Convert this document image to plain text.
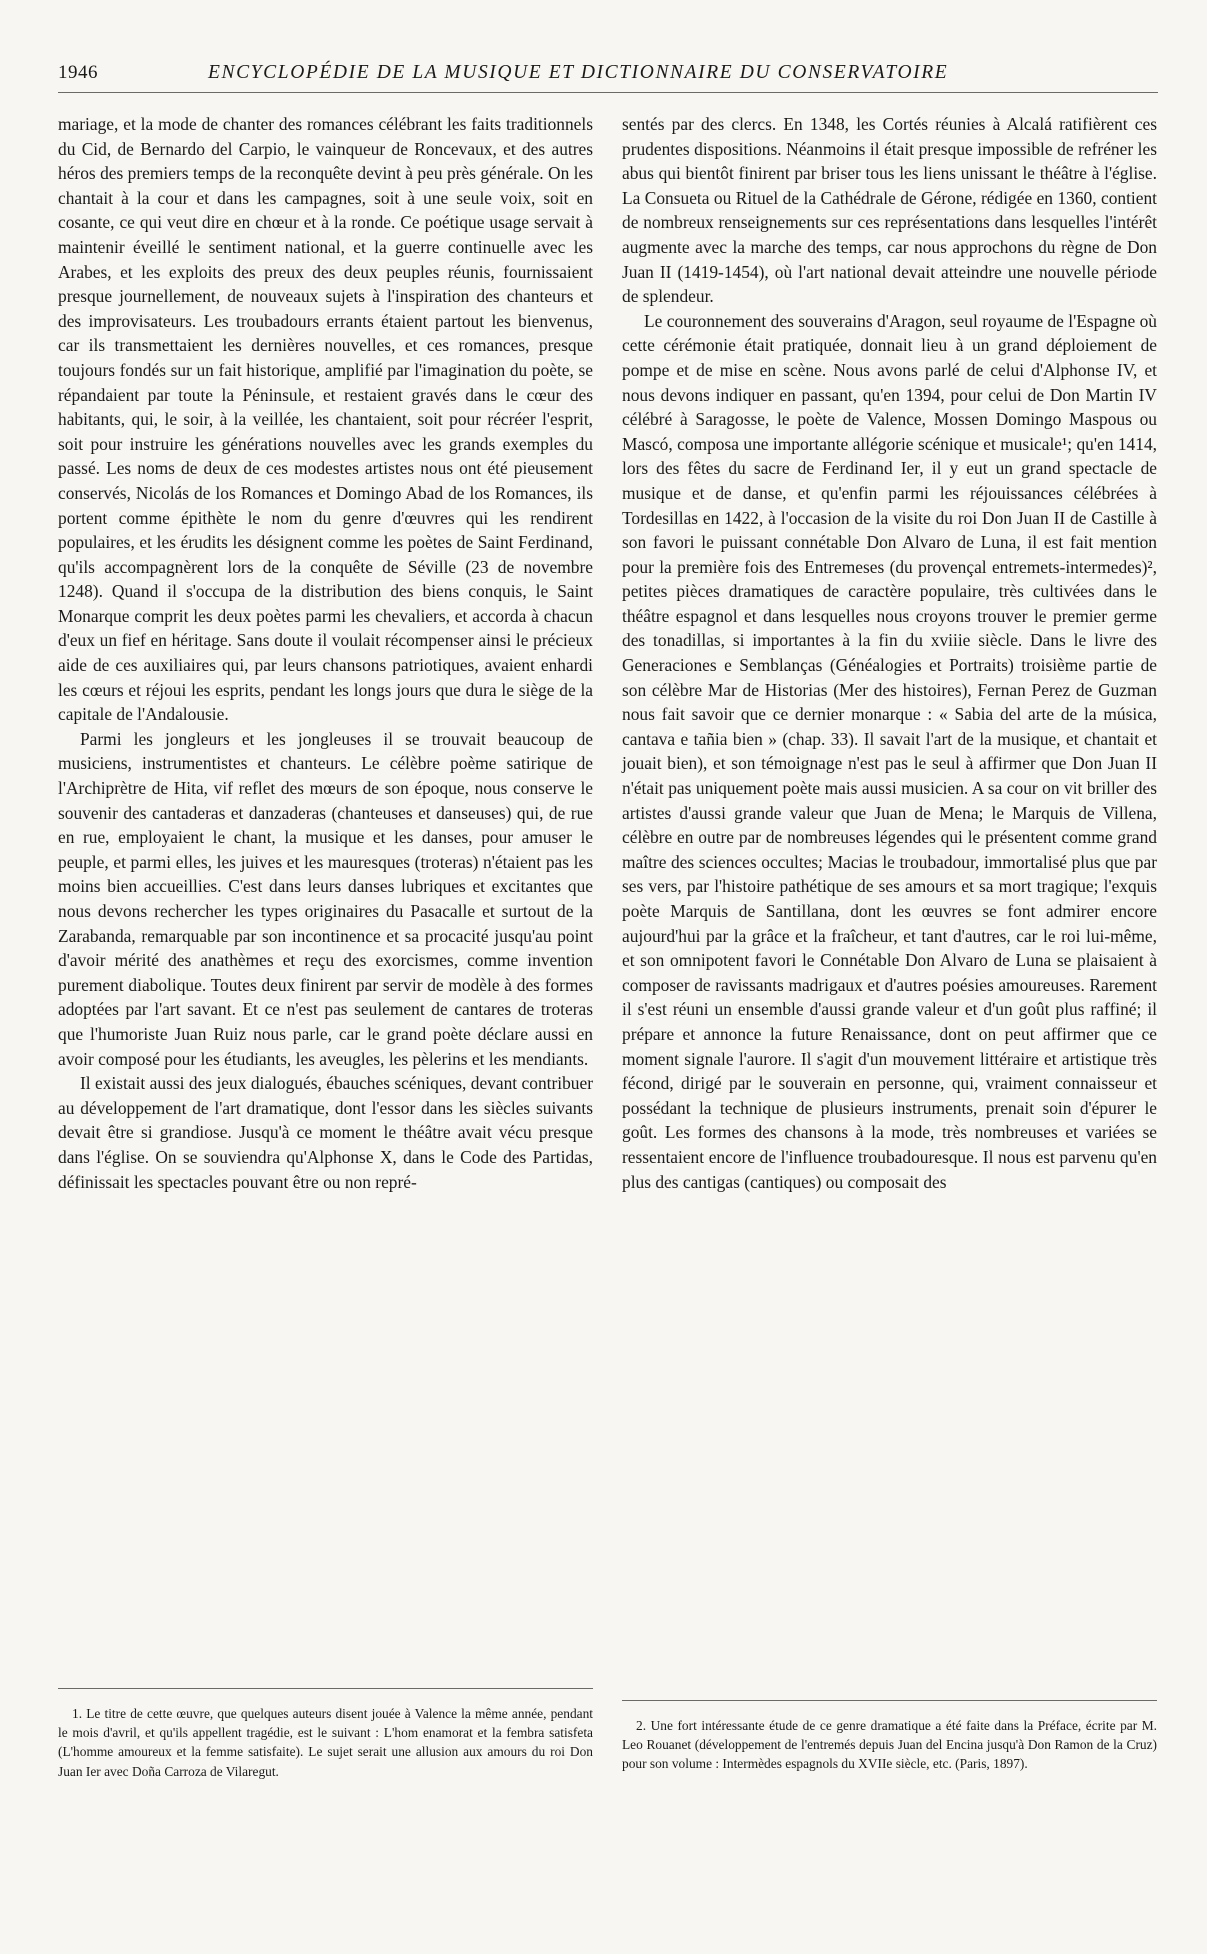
1946	ENCYCLOPÉDIE DE LA MUSIQUE ET DICTIONNAIRE DU CONSERVATOIRE

mariage, et la mode de chanter des romances célébrant les faits traditionnels du Cid, de Bernardo del Carpio, le vainqueur de Roncevaux, et des autres héros des premiers temps de la reconquête devint à peu près générale. On les chantait à la cour et dans les campagnes, soit à une seule voix, soit en cosante, ce qui veut dire en chœur et à la ronde. Ce poétique usage servait à maintenir éveillé le sentiment national, et la guerre continuelle avec les Arabes, et les exploits des preux des deux peuples réunis, fournissaient presque journellement, de nouveaux sujets à l'inspiration des chanteurs et des improvisateurs. Les troubadours errants étaient partout les bienvenus, car ils transmettaient les dernières nouvelles, et ces romances, presque toujours fondés sur un fait historique, amplifié par l'imagination du poète, se répandaient par toute la Péninsule, et restaient gravés dans le cœur des habitants, qui, le soir, à la veillée, les chantaient, soit pour récréer l'esprit, soit pour instruire les générations nouvelles avec les grands exemples du passé. Les noms de deux de ces modestes artistes nous ont été pieusement conservés, Nicolás de los Romances et Domingo Abad de los Romances, ils portent comme épithète le nom du genre d'œuvres qui les rendirent populaires, et les érudits les désignent comme les poètes de Saint Ferdinand, qu'ils accompagnèrent lors de la conquête de Séville (23 de novembre 1248). Quand il s'occupa de la distribution des biens conquis, le Saint Monarque comprit les deux poètes parmi les chevaliers, et accorda à chacun d'eux un fief en héritage. Sans doute il voulait récompenser ainsi le précieux aide de ces auxiliaires qui, par leurs chansons patriotiques, avaient enhardi les cœurs et réjoui les esprits, pendant les longs jours que dura le siège de la capitale de l'Andalousie.

Parmi les jongleurs et les jongleuses il se trouvait beaucoup de musiciens, instrumentistes et chanteurs. Le célèbre poème satirique de l'Archiprètre de Hita, vif reflet des mœurs de son époque, nous conserve le souvenir des cantaderas et danzaderas (chanteuses et danseuses) qui, de rue en rue, employaient le chant, la musique et les danses, pour amuser le peuple, et parmi elles, les juives et les mauresques (troteras) n'étaient pas les moins bien accueillies. C'est dans leurs danses lubriques et excitantes que nous devons rechercher les types originaires du Pasacalle et surtout de la Zarabanda, remarquable par son incontinence et sa procacité jusqu'au point d'avoir mérité des anathèmes et reçu des exorcismes, comme invention purement diabolique. Toutes deux finirent par servir de modèle à des formes adoptées par l'art savant. Et ce n'est pas seulement de cantares de troteras que l'humoriste Juan Ruiz nous parle, car le grand poète déclare aussi en avoir composé pour les étudiants, les aveugles, les pèlerins et les mendiants.

Il existait aussi des jeux dialogués, ébauches scéniques, devant contribuer au développement de l'art dramatique, dont l'essor dans les siècles suivants devait être si grandiose. Jusqu'à ce moment le théâtre avait vécu presque dans l'église. On se souviendra qu'Alphonse X, dans le Code des Partidas, définissait les spectacles pouvant être ou non repré-

sentés par des clercs. En 1348, les Cortés réunies à Alcalá ratifièrent ces prudentes dispositions. Néanmoins il était presque impossible de refréner les abus qui bientôt finirent par briser tous les liens unissant le théâtre à l'église. La Consueta ou Rituel de la Cathédrale de Gérone, rédigée en 1360, contient de nombreux renseignements sur ces représentations dans lesquelles l'intérêt augmente avec la marche des temps, car nous approchons du règne de Don Juan II (1419-1454), où l'art national devait atteindre une nouvelle période de splendeur.

Le couronnement des souverains d'Aragon, seul royaume de l'Espagne où cette cérémonie était pratiquée, donnait lieu à un grand déploiement de pompe et de mise en scène. Nous avons parlé de celui d'Alphonse IV, et nous devons indiquer en passant, qu'en 1394, pour celui de Don Martin IV célébré à Saragosse, le poète de Valence, Mossen Domingo Maspous ou Mascó, composa une importante allégorie scénique et musicale¹; qu'en 1414, lors des fêtes du sacre de Ferdinand Ier, il y eut un grand spectacle de musique et de danse, et qu'enfin parmi les réjouissances célébrées à Tordesillas en 1422, à l'occasion de la visite du roi Don Juan II de Castille à son favori le puissant connétable Don Alvaro de Luna, il est fait mention pour la première fois des Entremeses (du provençal entremets-intermedes)², petites pièces dramatiques de caractère populaire, très cultivées dans le théâtre espagnol et dans lesquelles nous croyons trouver le premier germe des tonadillas, si importantes à la fin du xviiie siècle. Dans le livre des Generaciones e Semblanças (Généalogies et Portraits) troisième partie de son célèbre Mar de Historias (Mer des histoires), Fernan Perez de Guzman nous fait savoir que ce dernier monarque : « Sabia del arte de la música, cantava e tañia bien » (chap. 33). Il savait l'art de la musique, et chantait et jouait bien), et son témoignage n'est pas le seul à affirmer que Don Juan II n'était pas uniquement poète mais aussi musicien. A sa cour on vit briller des artistes d'aussi grande valeur que Juan de Mena; le Marquis de Villena, célèbre en outre par de nombreuses légendes qui le présentent comme grand maître des sciences occultes; Macias le troubadour, immortalisé plus que par ses vers, par l'histoire pathétique de ses amours et sa mort tragique; l'exquis poète Marquis de Santillana, dont les œuvres se font admirer encore aujourd'hui par la grâce et la fraîcheur, et tant d'autres, car le roi lui-même, et son omnipotent favori le Connétable Don Alvaro de Luna se plaisaient à composer de ravissants madrigaux et d'autres poésies amoureuses. Rarement il s'est réuni un ensemble d'aussi grande valeur et d'un goût plus raffiné; il prépare et annonce la future Renaissance, dont on peut affirmer que ce moment signale l'aurore. Il s'agit d'un mouvement littéraire et artistique très fécond, dirigé par le souverain en personne, qui, vraiment connaisseur et possédant la technique de plusieurs instruments, prenait soin d'épurer le goût. Les formes des chansons à la mode, très nombreuses et variées se ressentaient encore de l'influence troubadouresque. Il nous est parvenu qu'en plus des cantigas (cantiques) ou composait des

1. Le titre de cette œuvre, que quelques auteurs disent jouée à Valence la même année, pendant le mois d'avril, et qu'ils appellent tragédie, est le suivant : L'hom enamorat et la fembra satisfeta (L'homme amoureux et la femme satisfaite). Le sujet serait une allusion aux amours du roi Don Juan Ier avec Doña Carroza de Vilaregut.

2. Une fort intéressante étude de ce genre dramatique a été faite dans la Préface, écrite par M. Leo Rouanet (développement de l'entremés depuis Juan del Encina jusqu'à Don Ramon de la Cruz) pour son volume : Intermèdes espagnols du XVIIe siècle, etc. (Paris, 1897).
